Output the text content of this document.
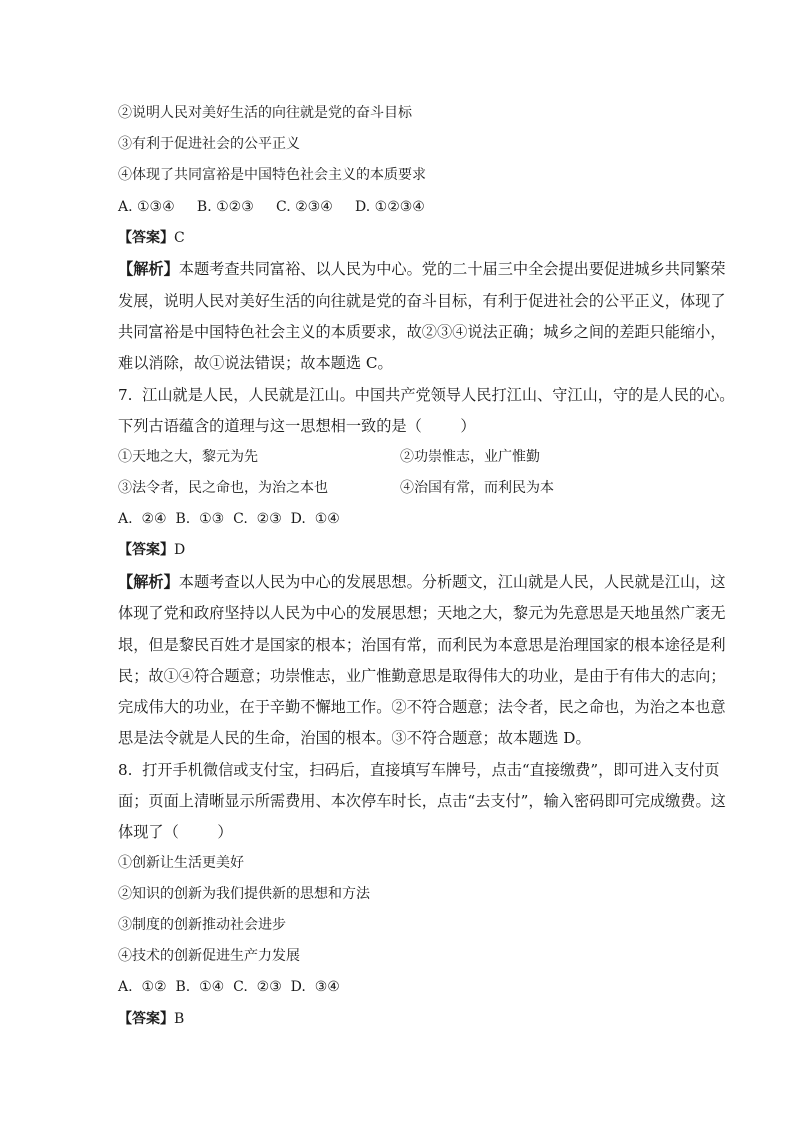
②说明人民对美好生活的向往就是党的奋斗目标
③有利于促进社会的公平正义
④体现了共同富裕是中国特色社会主义的本质要求
A. ①③④     B. ①②③     C. ②③④     D. ①②③④
【答案】C
【解析】本题考查共同富裕、以人民为中心。党的二十届三中全会提出要促进城乡共同繁荣
发展，说明人民对美好生活的向往就是党的奋斗目标，有利于促进社会的公平正义，体现了
共同富裕是中国特色社会主义的本质要求，故②③④说法正确；城乡之间的差距只能缩小，
难以消除，故①说法错误；故本题选 C。
7.  江山就是人民，人民就是江山。中国共产党领导人民打江山、守江山，守的是人民的心。
下列古语蕴含的道理与这一思想相一致的是（        ）
①天地之大，黎元为先	②功崇惟志，业广惟勤
③法令者，民之命也，为治之本也	④治国有常，而利民为本
A.  ②④  B.  ①③  C.  ②③  D.  ①④
【答案】D
【解析】本题考查以人民为中心的发展思想。分析题文，江山就是人民，人民就是江山，这
体现了党和政府坚持以人民为中心的发展思想；天地之大，黎元为先意思是天地虽然广袤无
垠，但是黎民百姓才是国家的根本；治国有常，而利民为本意思是治理国家的根本途径是利
民；故①④符合题意；功崇惟志，业广惟勤意思是取得伟大的功业，是由于有伟大的志向；
完成伟大的功业，在于辛勤不懈地工作。②不符合题意；法令者，民之命也，为治之本也意
思是法令就是人民的生命，治国的根本。③不符合题意；故本题选 D。
8.  打开手机微信或支付宝，扫码后，直接填写车牌号，点击“直接缴费”，即可进入支付页
面；页面上清晰显示所需费用、本次停车时长，点击“去支付”，输入密码即可完成缴费。这
体现了（        ）
①创新让生活更美好
②知识的创新为我们提供新的思想和方法
③制度的创新推动社会进步
④技术的创新促进生产力发展
A.  ①②  B.  ①④  C.  ②③  D.  ③④
【答案】B
